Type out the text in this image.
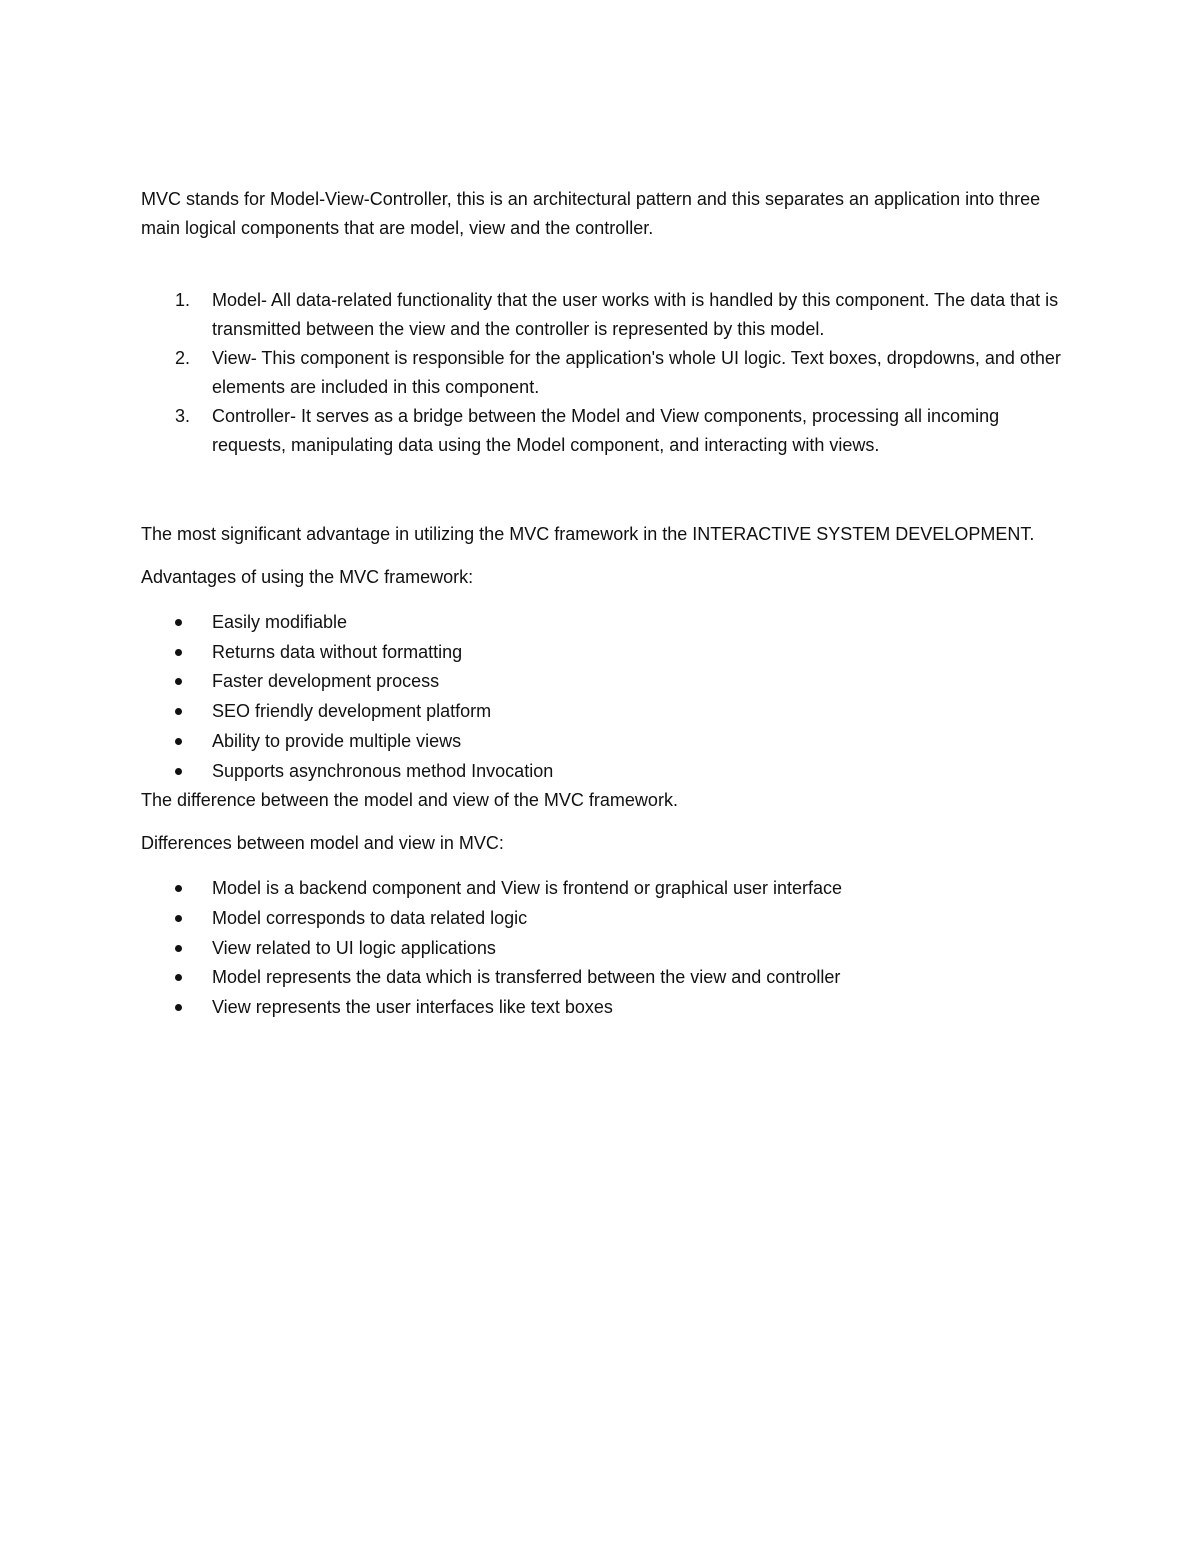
MVC stands for Model-View-Controller, this is an architectural pattern and this separates an application into three main logical components that are model, view and the controller.

1. Model- All data-related functionality that the user works with is handled by this component. The data that is transmitted between the view and the controller is represented by this model.
2. View- This component is responsible for the application's whole UI logic. Text boxes, dropdowns, and other elements are included in this component.
3. Controller- It serves as a bridge between the Model and View components, processing all incoming requests, manipulating data using the Model component, and interacting with views.

The most significant advantage in utilizing the MVC framework in the INTERACTIVE SYSTEM DEVELOPMENT.

Advantages of using the MVC framework:

Easily modifiable
Returns data without formatting
Faster development process
SEO friendly development platform
Ability to provide multiple views
Supports asynchronous method Invocation

The difference between the model and view of the MVC framework.

Differences between model and view in MVC:

Model is a backend component and View is frontend or graphical user interface
Model corresponds to data related logic
View related to UI logic applications
Model represents the data which is transferred between the view and controller
View represents the user interfaces like text boxes
